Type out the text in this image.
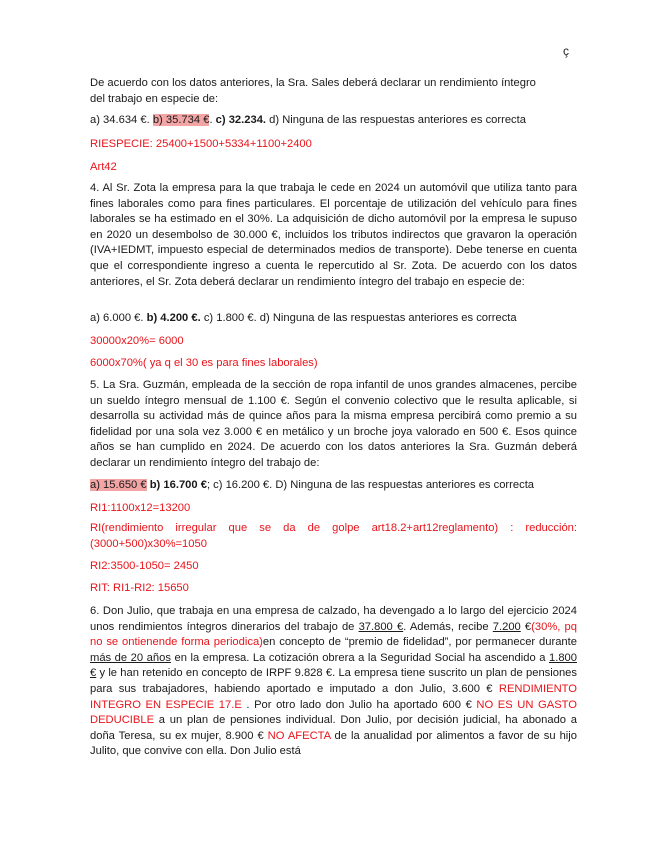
ç

De acuerdo con los datos anteriores, la Sra. Sales deberá declarar un rendimiento íntegro
del trabajo en especie de:

a) 34.634 €. b) 35.734 €. c) 32.234. d) Ninguna de las respuestas anteriores es correcta

RIESPECIE: 25400+1500+5334+1100+2400

Art42

4. Al Sr. Zota la empresa para la que trabaja le cede en 2024 un automóvil que utiliza tanto para fines laborales como para fines particulares. El porcentaje de utilización del vehículo para fines laborales se ha estimado en el 30%. La adquisición de dicho automóvil por la empresa le supuso en 2020 un desembolso de 30.000 €, incluidos los tributos indirectos que gravaron la operación (IVA+IEDMT, impuesto especial de determinados medios de transporte). Debe tenerse en cuenta que el correspondiente ingreso a cuenta le repercutido al Sr. Zota. De acuerdo con los datos anteriores, el Sr. Zota deberá declarar un rendimiento íntegro del trabajo en especie de:

a) 6.000 €. b) 4.200 €. c) 1.800 €. d) Ninguna de las respuestas anteriores es correcta

30000x20%= 6000

6000x70%( ya q el 30 es para fines laborales)

5. La Sra. Guzmán, empleada de la sección de ropa infantil de unos grandes almacenes, percibe un sueldo íntegro mensual de 1.100 €. Según el convenio colectivo que le resulta aplicable, si desarrolla su actividad más de quince años para la misma empresa percibirá como premio a su fidelidad por una sola vez 3.000 € en metálico y un broche joya valorado en 500 €. Esos quince años se han cumplido en 2024. De acuerdo con los datos anteriores la Sra. Guzmán deberá declarar un rendimiento íntegro del trabajo de:

a) 15.650 € b) 16.700 €; c) 16.200 €. D) Ninguna de las respuestas anteriores es correcta

RI1:1100x12=13200

RI(rendimiento irregular que se da de golpe art18.2+art12reglamento) : reducción:(3000+500)x30%=1050

RI2:3500-1050= 2450

RIT: RI1-RI2: 15650

6. Don Julio, que trabaja en una empresa de calzado, ha devengado a lo largo del ejercicio 2024 unos rendimientos íntegros dinerarios del trabajo de 37.800 €. Además, recibe 7.200 €(30%, pq no se ontienende forma periodica)en concepto de “premio de fidelidad”, por permanecer durante más de 20 años en la empresa. La cotización obrera a la Seguridad Social ha ascendido a 1.800 € y le han retenido en concepto de IRPF 9.828 €. La empresa tiene suscrito un plan de pensiones para sus trabajadores, habiendo aportado e imputado a don Julio, 3.600 € RENDIMIENTO INTEGRO EN ESPECIE 17.E . Por otro lado don Julio ha aportado 600 € NO ES UN GASTO DEDUCIBLE a un plan de pensiones individual. Don Julio, por decisión judicial, ha abonado a doña Teresa, su ex mujer, 8.900 € NO AFECTA de la anualidad por alimentos a favor de su hijo Julito, que convive con ella. Don Julio está
